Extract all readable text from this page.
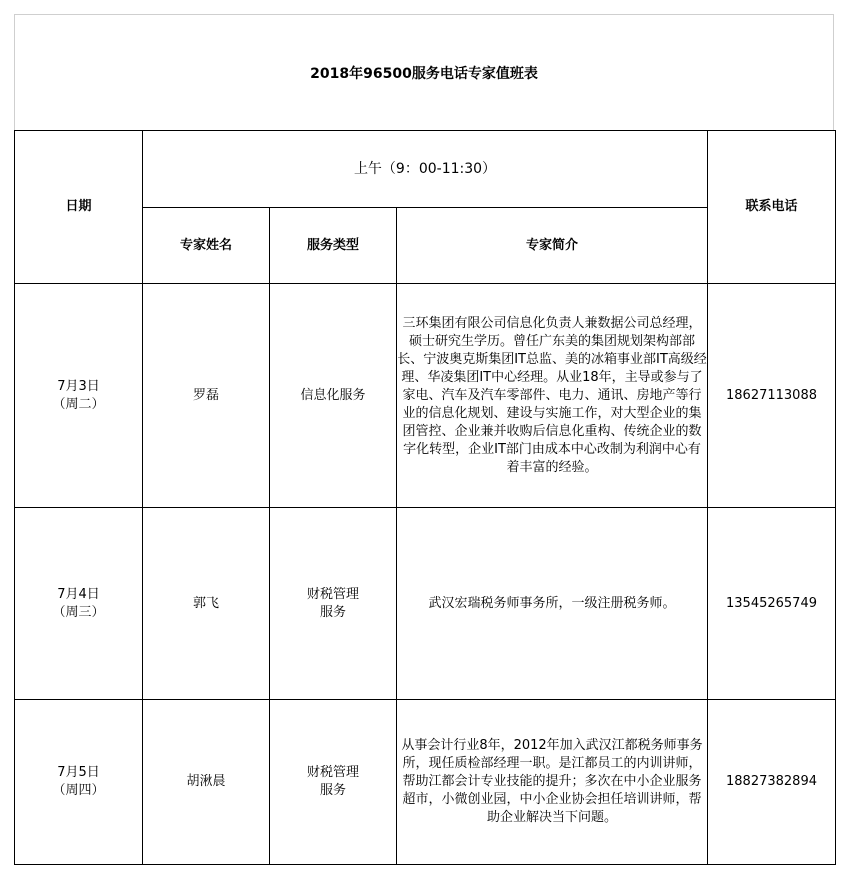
2018年96500服务电话专家值班表
日期	上午（9：00-11:30）			联系电话
	专家姓名	服务类型	专家简介	
7月3日
（周二）	罗磊	信息化服务	三环集团有限公司信息化负责人兼数据公司总经理，硕士研究生学历。曾任广东美的集团规划架构部部长、宁波奥克斯集团IT总监、美的冰箱事业部IT高级经理、华凌集团IT中心经理。从业18年，主导或参与了家电、汽车及汽车零部件、电力、通讯、房地产等行业的信息化规划、建设与实施工作，对大型企业的集团管控、企业兼并收购后信息化重构、传统企业的数字化转型，企业IT部门由成本中心改制为利润中心有着丰富的经验。	18627113088
7月4日
（周三）	郭飞	财税管理
服务	武汉宏瑞税务师事务所，一级注册税务师。	13545265749
7月5日
（周四）	胡湫晨	财税管理
服务	从事会计行业8年，2012年加入武汉江都税务师事务所，现任质检部经理一职。是江都员工的内训讲师，帮助江都会计专业技能的提升；多次在中小企业服务超市，小微创业园，中小企业协会担任培训讲师，帮助企业解决当下问题。	18827382894
